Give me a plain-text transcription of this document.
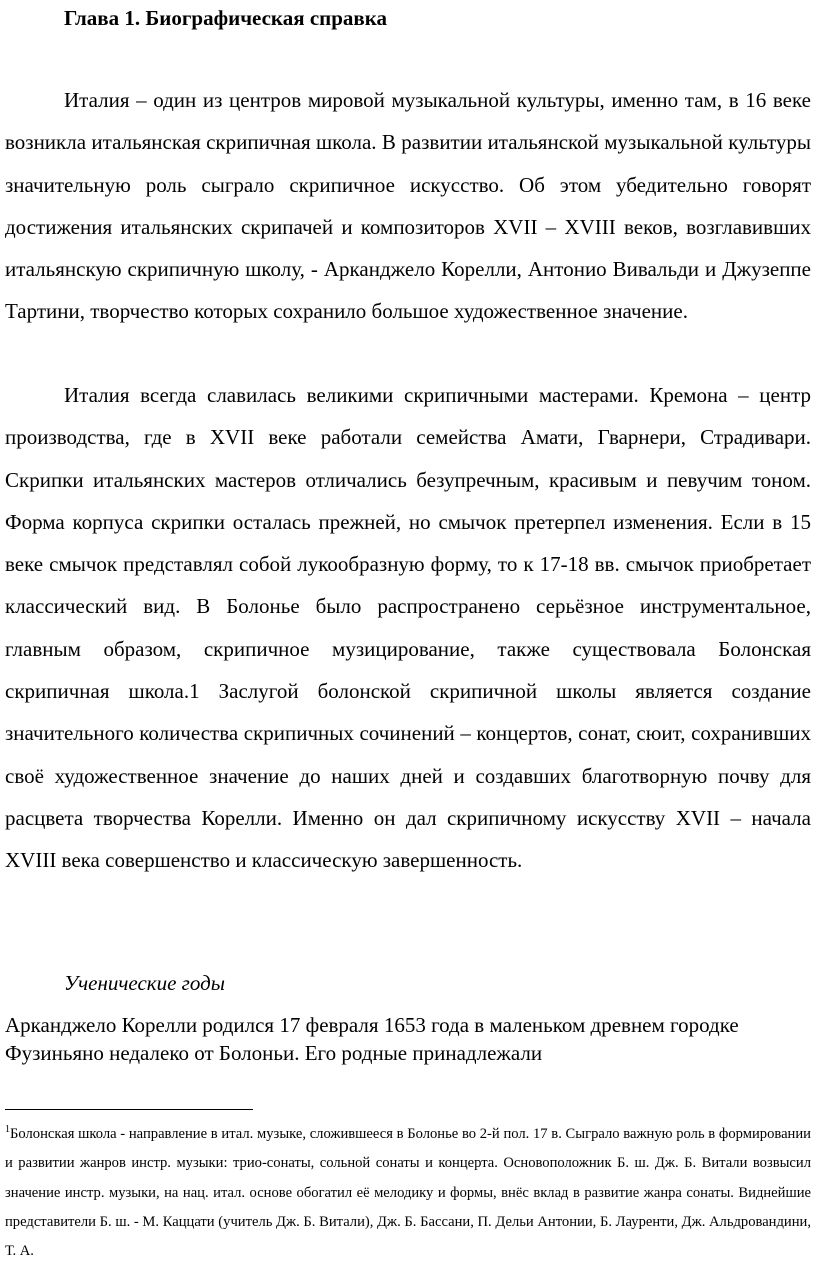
Глава 1. Биографическая справка

Италия – один из центров мировой музыкальной культуры, именно там, в 16 веке возникла итальянская скрипичная школа. В развитии итальянской музыкальной культуры значительную роль сыграло скрипичное искусство. Об этом убедительно говорят достижения итальянских скрипачей и композиторов XVII – XVIII веков, возглавивших итальянскую скрипичную школу, - Арканджело Корелли, Антонио Вивальди и Джузеппе Тартини, творчество которых сохранило большое художественное значение.

Италия всегда славилась великими скрипичными мастерами. Кремона – центр производства, где в XVII веке работали семейства Амати, Гварнери, Страдивари. Скрипки итальянских мастеров отличались безупречным, красивым и певучим тоном. Форма корпуса скрипки осталась прежней, но смычок претерпел изменения. Если в 15 веке смычок представлял собой лукообразную форму, то к 17-18 вв. смычок приобретает классический вид. В Болонье было распространено серьёзное инструментальное, главным образом, скрипичное музицирование, также существовала Болонская скрипичная школа.1 Заслугой болонской скрипичной школы является создание значительного количества скрипичных сочинений – концертов, сонат, сюит, сохранивших своё художественное значение до наших дней и создавших благотворную почву для расцвета творчества Корелли. Именно он дал скрипичному искусству XVII – начала XVIII века совершенство и классическую завершенность.

Ученические годы

Арканджело Корелли родился 17 февраля 1653 года в маленьком древнем городке Фузиньяно недалеко от Болоньи. Его родные принадлежали

$^1$Болонская школа - направление в итал. музыке, сложившееся в Болонье во 2-й пол. 17 в. Сыграло важную роль в формировании и развитии жанров инстр. музыки: трио-сонаты, сольной сонаты и концерта. Основоположник Б. ш. Дж. Б. Витали возвысил значение инстр. музыки, на нац. итал. основе обогатил её мелодику и формы, внёс вклад в развитие жанра сонаты. Виднейшие представители Б. ш. - М. Каццати (учитель Дж. Б. Витали), Дж. Б. Бассани, П. Дельи Антонии, Б. Лауренти, Дж. Альдровандини, Т. А.
